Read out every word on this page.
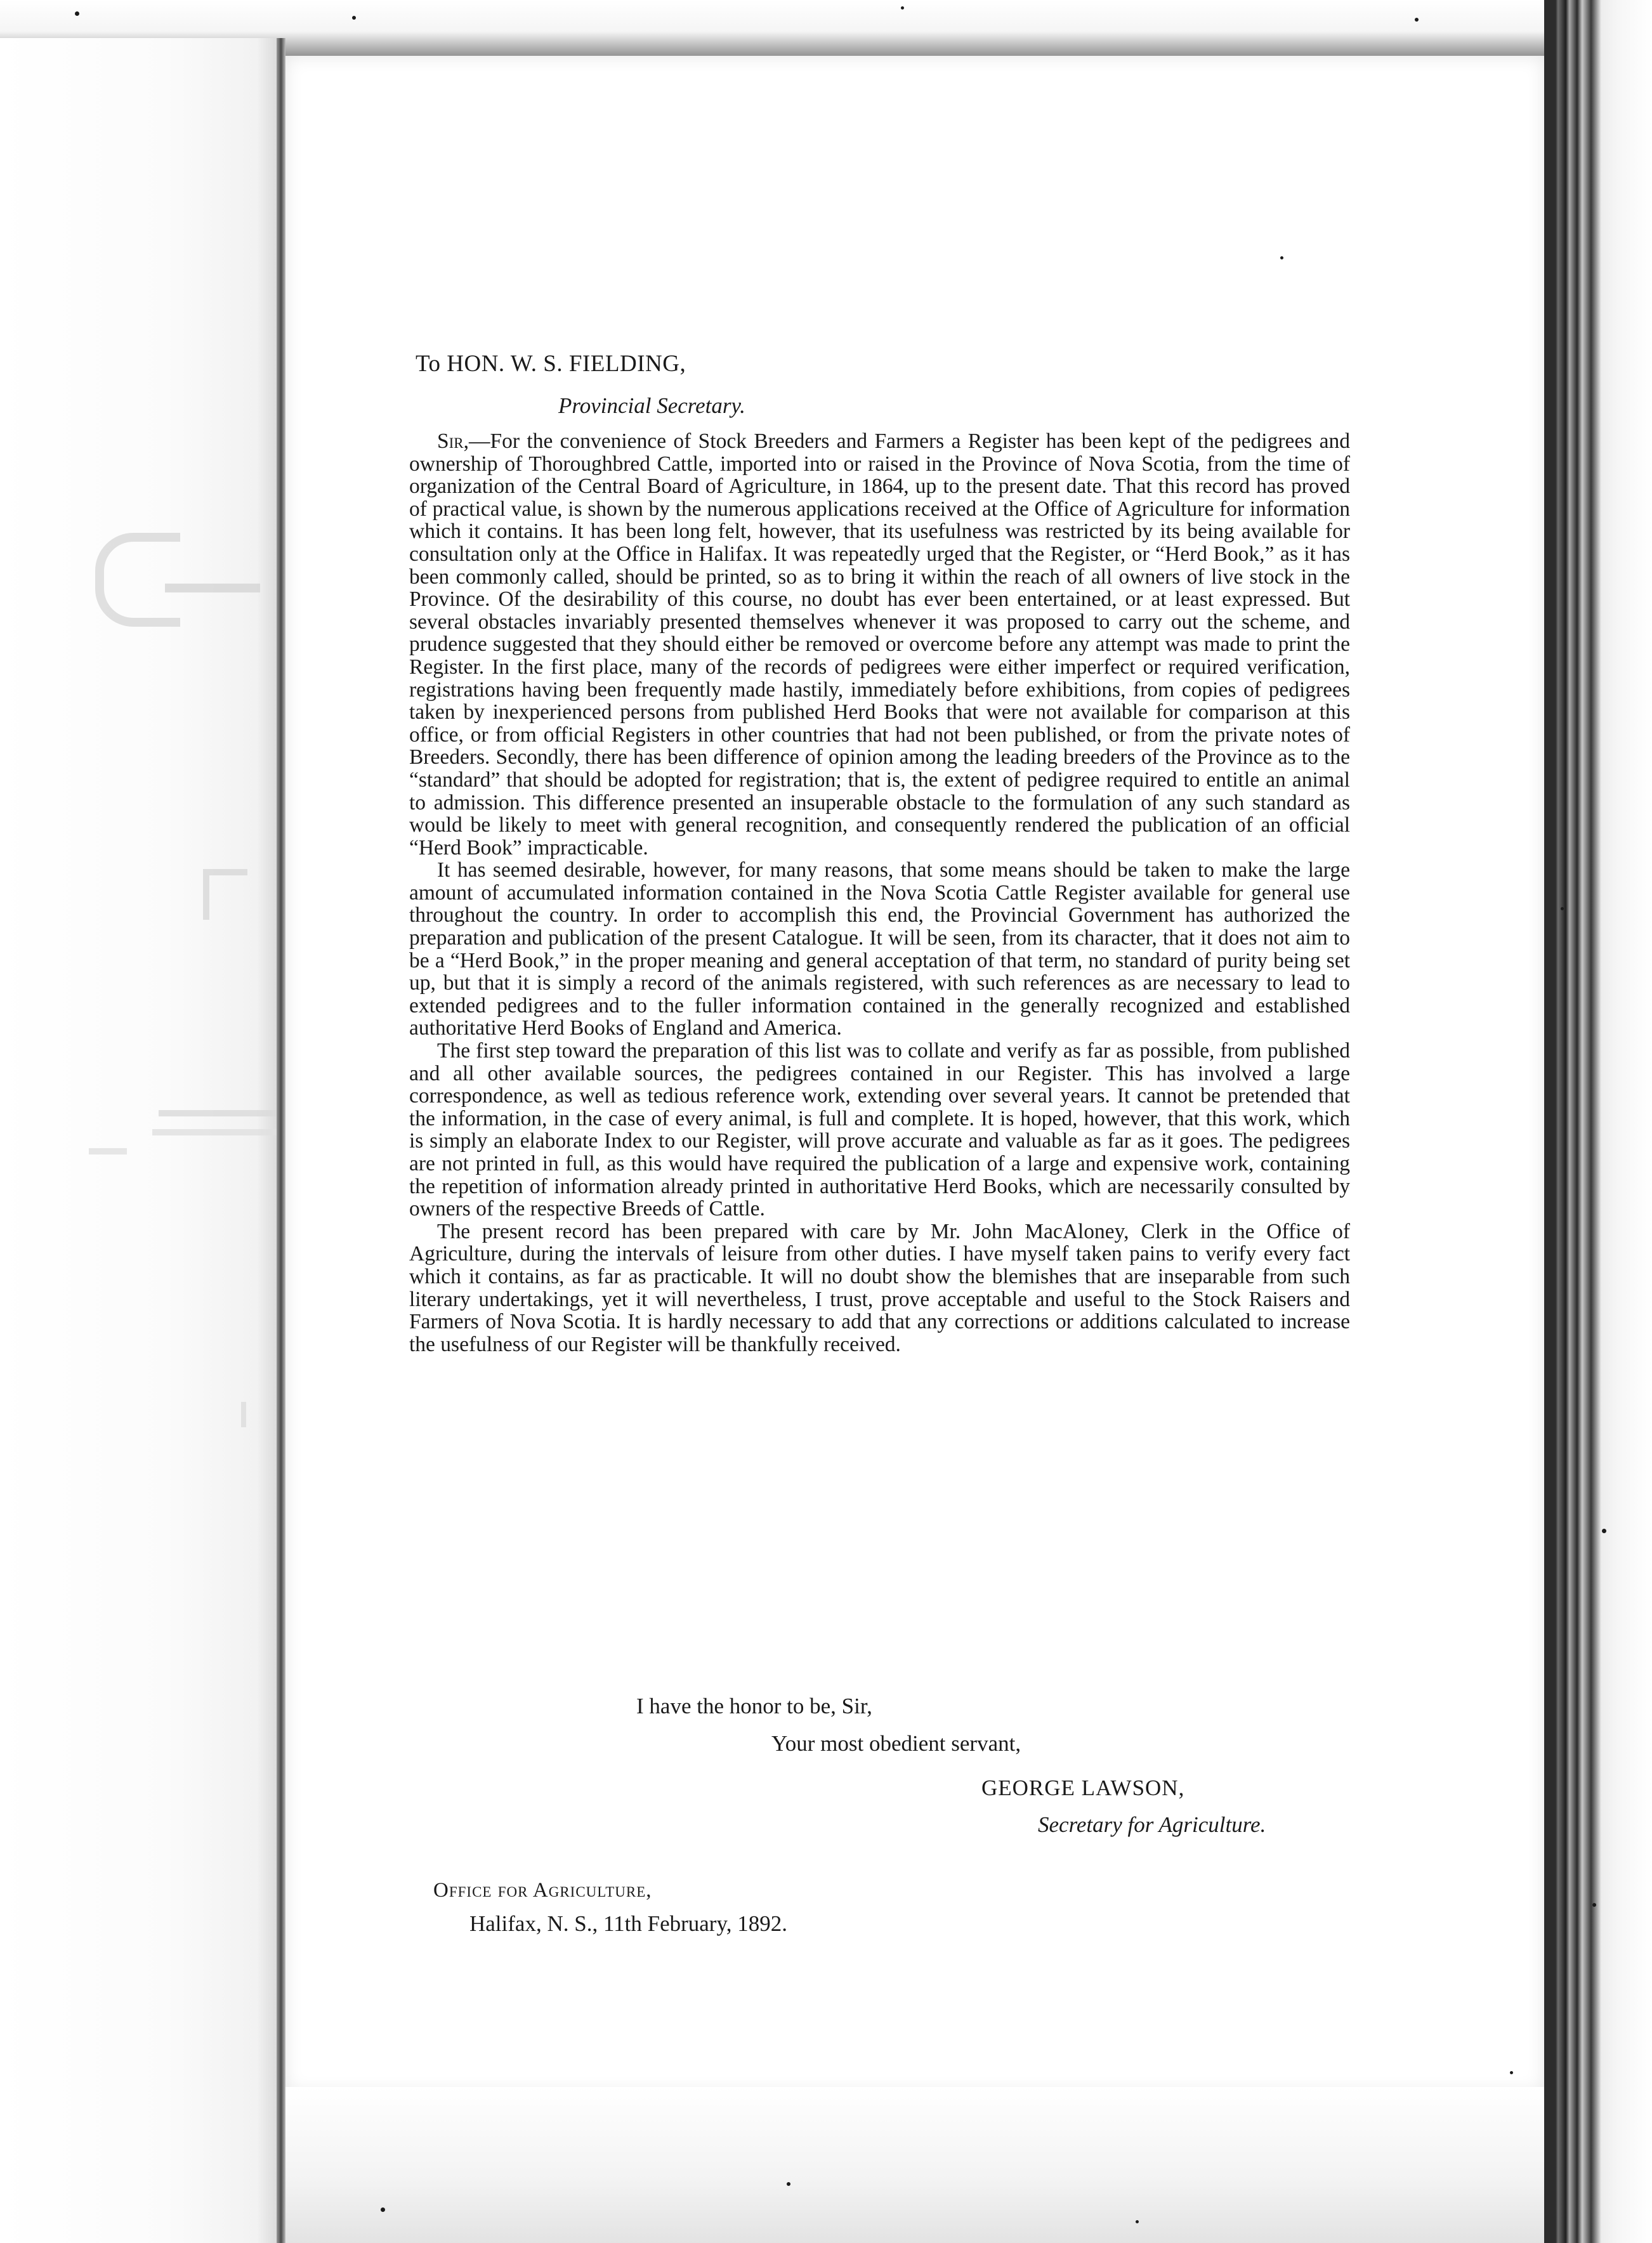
To HON. W. S. FIELDING,
Provincial Secretary.

Sir,—For the convenience of Stock Breeders and Farmers a Register has been kept of the pedigrees and ownership of Thoroughbred Cattle, imported into or raised in the Province of Nova Scotia, from the time of organization of the Central Board of Agriculture, in 1864, up to the present date. That this record has proved of practical value, is shown by the numerous applications received at the Office of Agriculture for information which it contains. It has been long felt, however, that its usefulness was restricted by its being available for consultation only at the Office in Halifax. It was repeatedly urged that the Register, or “Herd Book,” as it has been commonly called, should be printed, so as to bring it within the reach of all owners of live stock in the Province. Of the desirability of this course, no doubt has ever been entertained, or at least expressed. But several obstacles invariably presented themselves whenever it was proposed to carry out the scheme, and prudence suggested that they should either be removed or overcome before any attempt was made to print the Register. In the first place, many of the records of pedigrees were either imperfect or required verification, registrations having been frequently made hastily, immediately before exhibitions, from copies of pedigrees taken by inexperienced persons from published Herd Books that were not available for comparison at this office, or from official Registers in other countries that had not been published, or from the private notes of Breeders. Secondly, there has been difference of opinion among the leading breeders of the Province as to the “standard” that should be adopted for registration; that is, the extent of pedigree required to entitle an animal to admission. This difference presented an insuperable obstacle to the formulation of any such standard as would be likely to meet with general recognition, and consequently rendered the publication of an official “Herd Book” impracticable.

It has seemed desirable, however, for many reasons, that some means should be taken to make the large amount of accumulated information contained in the Nova Scotia Cattle Register available for general use throughout the country. In order to accomplish this end, the Provincial Government has authorized the preparation and publication of the present Catalogue. It will be seen, from its character, that it does not aim to be a “Herd Book,” in the proper meaning and general acceptation of that term, no standard of purity being set up, but that it is simply a record of the animals registered, with such references as are necessary to lead to extended pedigrees and to the fuller information contained in the generally recognized and established authoritative Herd Books of England and America.

The first step toward the preparation of this list was to collate and verify as far as possible, from published and all other available sources, the pedigrees contained in our Register. This has involved a large correspondence, as well as tedious reference work, extending over several years. It cannot be pretended that the information, in the case of every animal, is full and complete. It is hoped, however, that this work, which is simply an elaborate Index to our Register, will prove accurate and valuable as far as it goes. The pedigrees are not printed in full, as this would have required the publication of a large and expensive work, containing the repetition of information already printed in authoritative Herd Books, which are necessarily consulted by owners of the respective Breeds of Cattle.

The present record has been prepared with care by Mr. John MacAloney, Clerk in the Office of Agriculture, during the intervals of leisure from other duties. I have myself taken pains to verify every fact which it contains, as far as practicable. It will no doubt show the blemishes that are inseparable from such literary undertakings, yet it will nevertheless, I trust, prove acceptable and useful to the Stock Raisers and Farmers of Nova Scotia. It is hardly necessary to add that any corrections or additions calculated to increase the usefulness of our Register will be thankfully received.

I have the honor to be, Sir,
Your most obedient servant,
GEORGE LAWSON,
Secretary for Agriculture.
Office for Agriculture,
Halifax, N. S., 11th February, 1892.
